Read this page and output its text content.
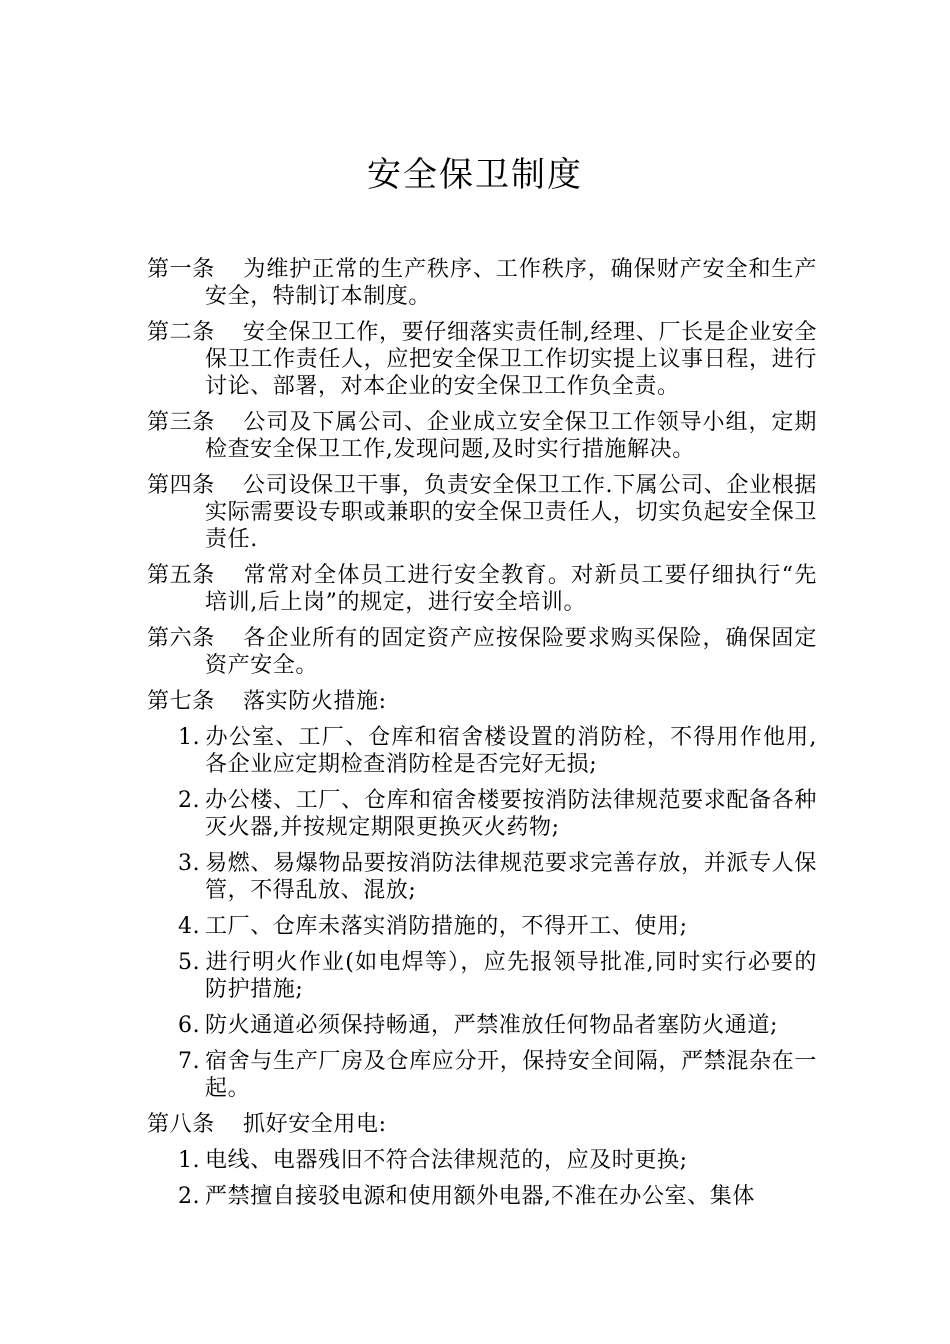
安全保卫制度
第一条 为维护正常的生产秩序、工作秩序，确保财产安全和生产安全，特制订本制度。
第二条 安全保卫工作，要仔细落实责任制,经理、厂长是企业安全保卫工作责任人，应把安全保卫工作切实提上议事日程，进行讨论、部署，对本企业的安全保卫工作负全责。
第三条 公司及下属公司、企业成立安全保卫工作领导小组，定期检查安全保卫工作,发现问题,及时实行措施解决。
第四条 公司设保卫干事，负责安全保卫工作.下属公司、企业根据实际需要设专职或兼职的安全保卫责任人，切实负起安全保卫责任.
第五条 常常对全体员工进行安全教育。对新员工要仔细执行“先培训,后上岗”的规定，进行安全培训。
第六条 各企业所有的固定资产应按保险要求购买保险，确保固定资产安全。
第七条 落实防火措施:
1. 办公室、工厂、仓库和宿舍楼设置的消防栓，不得用作他用,各企业应定期检查消防栓是否完好无损;
2. 办公楼、工厂、仓库和宿舍楼要按消防法律规范要求配备各种灭火器,并按规定期限更换灭火药物;
3. 易燃、易爆物品要按消防法律规范要求完善存放，并派专人保管，不得乱放、混放;
4. 工厂、仓库未落实消防措施的，不得开工、使用;
5. 进行明火作业(如电焊等），应先报领导批准,同时实行必要的防护措施;
6. 防火通道必须保持畅通，严禁准放任何物品者塞防火通道;
7. 宿舍与生产厂房及仓库应分开，保持安全间隔，严禁混杂在一起。
第八条 抓好安全用电:
1. 电线、电器残旧不符合法律规范的，应及时更换;
2. 严禁擅自接驳电源和使用额外电器,不准在办公室、集体
